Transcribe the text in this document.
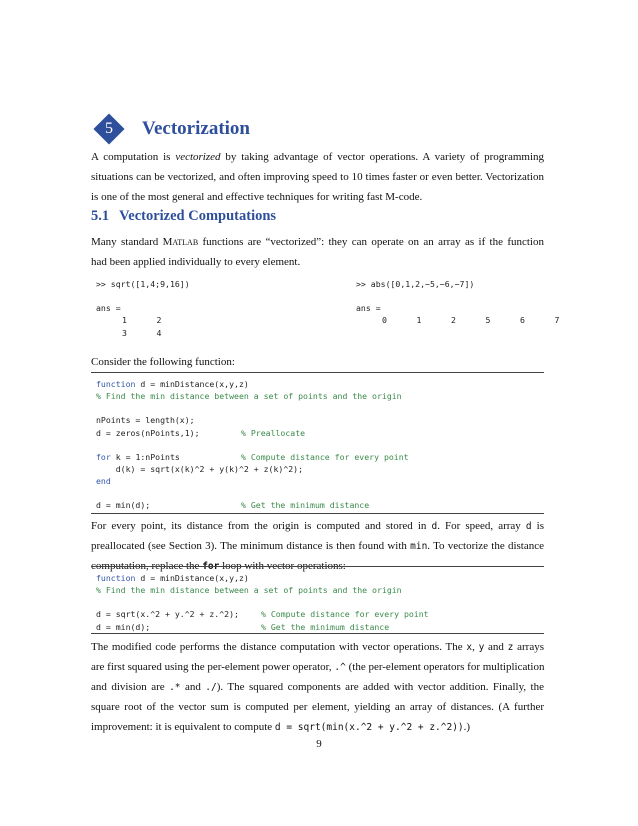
5	Vectorization
A computation is vectorized by taking advantage of vector operations. A variety of programming
situations can be vectorized, and often improving speed to 10 times faster or even better. Vectorization
is one of the most general and effective techniques for writing fast M-code.
5.1 Vectorized Computations
Many standard Matlab functions are “vectorized”: they can operate on an array as if the function
had been applied individually to every element.
>> sqrt([1,4;9,16])
ans =
1      2
3      4
>> abs([0,1,2,−5,−6,−7])
ans =
0      1      2      5      6      7
Consider the following function:
function d = minDistance(x,y,z)
% Find the min distance between a set of points and the origin
nPoints = length(x);
d = zeros(nPoints,1);	% Preallocate
for k = 1:nPoints	% Compute distance for every point
d(k) = sqrt(x(k)^2 + y(k)^2 + z(k)^2);
end
d = min(d);	% Get the minimum distance
For every point, its distance from the origin is computed and stored in d. For speed, array d is
preallocated (see Section 3). The minimum distance is then found with min. To vectorize the distance
computation, replace the for loop with vector operations:
function d = minDistance(x,y,z)
% Find the min distance between a set of points and the origin
d = sqrt(x.^2 + y.^2 + z.^2);	% Compute distance for every point
d = min(d);	% Get the minimum distance
The modified code performs the distance computation with vector operations. The x, y and z arrays
are first squared using the per-element power operator, .^ (the per-element operators for multiplication
and division are .* and ./). The squared components are added with vector addition. Finally, the
square root of the vector sum is computed per element, yielding an array of distances. (A further
improvement: it is equivalent to compute d = sqrt(min(x.^2 + y.^2 + z.^2)).)
9
